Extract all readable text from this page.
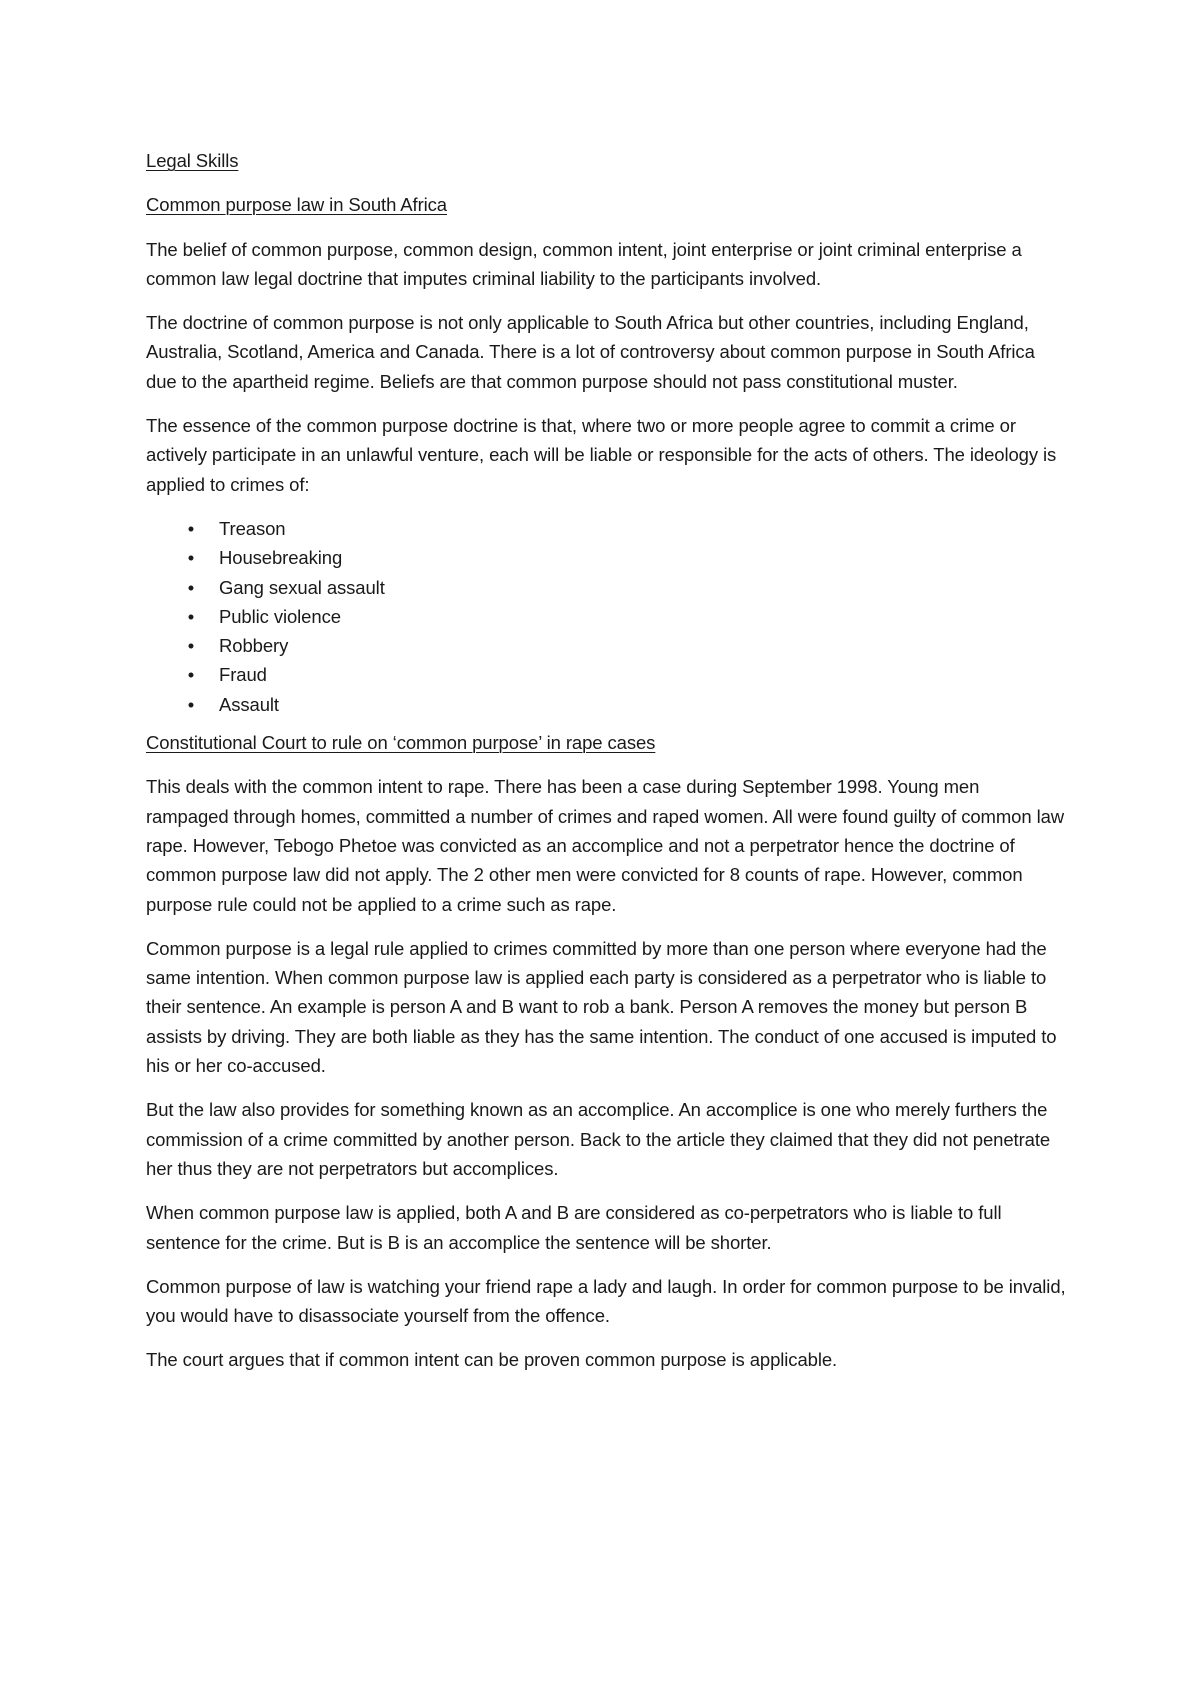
Legal Skills
Common purpose law in South Africa

The belief of common purpose, common design, common intent, joint enterprise or joint criminal enterprise a common law legal doctrine that imputes criminal liability to the participants involved.

The doctrine of common purpose is not only applicable to South Africa but other countries, including England, Australia, Scotland, America and Canada. There is a lot of controversy about common purpose in South Africa due to the apartheid regime. Beliefs are that common purpose should not pass constitutional muster.

The essence of the common purpose doctrine is that, where two or more people agree to commit a crime or actively participate in an unlawful venture, each will be liable or responsible for the acts of others. The ideology is applied to crimes of:

• Treason
• Housebreaking
• Gang sexual assault
• Public violence
• Robbery
• Fraud
• Assault
Constitutional Court to rule on ‘common purpose’ in rape cases

This deals with the common intent to rape. There has been a case during September 1998. Young men rampaged through homes, committed a number of crimes and raped women. All were found guilty of common law rape. However, Tebogo Phetoe was convicted as an accomplice and not a perpetrator hence the doctrine of common purpose law did not apply. The 2 other men were convicted for 8 counts of rape. However, common purpose rule could not be applied to a crime such as rape.

Common purpose is a legal rule applied to crimes committed by more than one person where everyone had the same intention. When common purpose law is applied each party is considered as a perpetrator who is liable to their sentence. An example is person A and B want to rob a bank. Person A removes the money but person B assists by driving. They are both liable as they has the same intention. The conduct of one accused is imputed to his or her co-accused.

But the law also provides for something known as an accomplice. An accomplice is one who merely furthers the commission of a crime committed by another person. Back to the article they claimed that they did not penetrate her thus they are not perpetrators but accomplices.

When common purpose law is applied, both A and B are considered as co-perpetrators who is liable to full sentence for the crime. But is B is an accomplice the sentence will be shorter.

Common purpose of law is watching your friend rape a lady and laugh. In order for common purpose to be invalid, you would have to disassociate yourself from the offence.

The court argues that if common intent can be proven common purpose is applicable.
